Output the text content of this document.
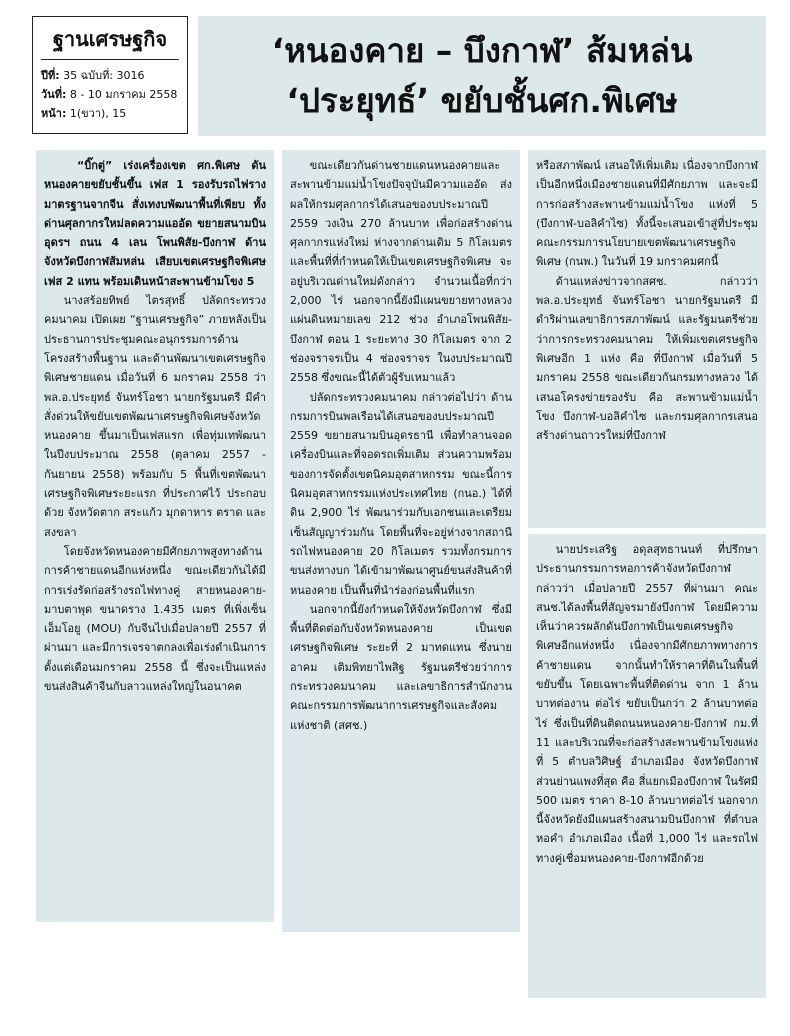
ฐานเศรษฐกิจ
ปีที่: 35 ฉบับที่: 3016
วันที่: 8 - 10 มกราคม 2558
หน้า: 1(ขวา), 15
‘หนองคาย – บึงกาฬ’ ส้มหล่น
‘ประยุทธ์’ ขยับชั้นศก.พิเศษ

“บิ๊กตู่” เร่งเครื่องเขต ศก.พิเศษ ดันหนองคายขยับชั้นขึ้น เฟส 1 รองรับรถไฟรางมาตรฐานจากจีน สั่งเทงบพัฒนาพื้นที่เพียบ ทั้งด่านศุลกากรใหม่ลดความแออัด ขยายสนามบินอุดรฯ ถนน 4 เลน โพนพิสัย-บึงกาฬ ด้านจังหวัดบึงกาฬส้มหล่น เสียบเขตเศรษฐกิจพิเศษเฟส 2 แทน พร้อมเดินหน้าสะพานข้ามโขง 5

นางสร้อยทิพย์ ไตรสุทธิ์ ปลัดกระทรวงคมนาคม เปิดเผย “ฐานเศรษฐกิจ” ภายหลังเป็นประธานการประชุมคณะอนุกรรมการด้านโครงสร้างพื้นฐาน และด้านพัฒนาเขตเศรษฐกิจพิเศษชายแดน เมื่อวันที่ 6 มกราคม 2558 ว่า พล.อ.ประยุทธ์ จันทร์โอชา นายกรัฐมนตรี มีคำสั่งด่วนให้ขยับเขตพัฒนาเศรษฐกิจพิเศษจังหวัดหนองคาย ขึ้นมาเป็นเฟสแรก เพื่อทุ่มเทพัฒนาในปีงบประมาณ 2558 (ตุลาคม 2557 - กันยายน 2558) พร้อมกับ 5 พื้นที่เขตพัฒนาเศรษฐกิจพิเศษระยะแรก ที่ประกาศไว้ ประกอบด้วย จังหวัดตาก สระแก้ว มุกดาหาร ตราด และสงขลา

โดยจังหวัดหนองคายมีศักยภาพสูงทางด้านการค้าชายแดนอีกแห่งหนึ่ง ขณะเดียวกันได้มีการเร่งรัดก่อสร้างรถไฟทางคู่ สายหนองคาย-มาบตาพุด ขนาดราง 1.435 เมตร ที่เพิ่งเซ็นเอ็มโอยู (MOU) กับจีนไปเมื่อปลายปี 2557 ที่ผ่านมา และมีการเจรจาตกลงเพื่อเร่งดำเนินการตั้งแต่เดือนมกราคม 2558 นี้ ซึ่งจะเป็นแหล่งขนส่งสินค้าจีนกับลาวแหล่งใหญ่ในอนาคต

ขณะเดียวกันด่านชายแดนหนองคายและสะพานข้ามแม่น้ำโขงปัจจุบันมีความแออัด ส่งผลให้กรมศุลกากรได้เสนอของบประมาณปี 2559 วงเงิน 270 ล้านบาท เพื่อก่อสร้างด่านศุลกากรแห่งใหม่ ห่างจากด่านเดิม 5 กิโลเมตร และพื้นที่ที่กำหนดให้เป็นเขตเศรษฐกิจพิเศษ จะอยู่บริเวณด่านใหม่ดังกล่าว จำนวนเนื้อที่กว่า 2,000 ไร่ นอกจากนี้ยังมีแผนขยายทางหลวงแผ่นดินหมายเลข 212 ช่วง อำเภอโพนพิสัย-บึงกาฬ ตอน 1 ระยะทาง 30 กิโลเมตร จาก 2 ช่องจราจรเป็น 4 ช่องจราจร ในงบประมาณปี 2558 ซึ่งขณะนี้ได้ตัวผู้รับเหมาแล้ว

ปลัดกระทรวงคมนาคม กล่าวต่อไปว่า ด้านกรมการบินพลเรือนได้เสนอของบประมาณปี 2559 ขยายสนามบินอุดรธานี เพื่อทำลานจอดเครื่องบินและที่จอดรถเพิ่มเติม ส่วนความพร้อมของการจัดตั้งเขตนิคมอุตสาหกรรม ขณะนี้การนิคมอุตสาหกรรมแห่งประเทศไทย (กนอ.) ได้ที่ดิน 2,900 ไร่ พัฒนาร่วมกับเอกชนและเตรียมเซ็นสัญญาร่วมกัน โดยพื้นที่จะอยู่ห่างจากสถานีรถไฟหนองคาย 20 กิโลเมตร รวมทั้งกรมการขนส่งทางบก ได้เข้ามาพัฒนาศูนย์ขนส่งสินค้าที่หนองคาย เป็นพื้นที่นำร่องก่อนพื้นที่แรก

นอกจากนี้ยังกำหนดให้จังหวัดบึงกาฬ ซึ่งมีพื้นที่ติดต่อกับจังหวัดหนองคาย เป็นเขตเศรษฐกิจพิเศษ ระยะที่ 2 มาทดแทน ซึ่งนายอาคม เติมพิทยาไพสิฐ รัฐมนตรีช่วยว่าการกระทรวงคมนาคม และเลขาธิการสำนักงานคณะกรรมการพัฒนาการเศรษฐกิจและสังคมแห่งชาติ (สศช.)

หรือสภาพัฒน์ เสนอให้เพิ่มเติม เนื่องจากบึงกาฬเป็นอีกหนึ่งเมืองชายแดนที่มีศักยภาพ และจะมีการก่อสร้างสะพานข้ามแม่น้ำโขง แห่งที่ 5 (บึงกาฬ-บอลิคำไซ) ทั้งนี้จะเสนอเข้าสู่ที่ประชุมคณะกรรมการนโยบายเขตพัฒนาเศรษฐกิจพิเศษ (กนพ.) ในวันที่ 19 มกราคมศกนี้

ด้านแหล่งข่าวจากสศช. กล่าวว่า พล.อ.ประยุทธ์ จันทร์โอชา นายกรัฐมนตรี มีดำริผ่านเลขาธิการสภาพัฒน์ และรัฐมนตรีช่วยว่าการกระทรวงคมนาคม ให้เพิ่มเขตเศรษฐกิจพิเศษอีก 1 แห่ง คือ ที่บึงกาฬ เมื่อวันที่ 5 มกราคม 2558 ขณะเดียวกันกรมทางหลวง ได้เสนอโครงข่ายรองรับ คือ สะพานข้ามแม่น้ำโขง บึงกาฬ-บอลิคำไซ และกรมศุลกากรเสนอสร้างด่านถาวรใหม่ที่บึงกาฬ

นายประเสริฐ อดุลสุทธานนท์ ที่ปรึกษาประธานกรรมการหอการค้าจังหวัดบึงกาฬ กล่าวว่า เมื่อปลายปี 2557 ที่ผ่านมา คณะ สนช.ได้ลงพื้นที่สัญจรมายังบึงกาฬ โดยมีความเห็นว่าควรผลักดันบึงกาฬเป็นเขตเศรษฐกิจพิเศษอีกแห่งหนึ่ง เนื่องจากมีศักยภาพทางการค้าชายแดน จากนั้นทำให้ราคาที่ดินในพื้นที่ขยับขึ้น โดยเฉพาะพื้นที่ติดด่าน จาก 1 ล้านบาทต่องาน ต่อไร่ ขยับเป็นกว่า 2 ล้านบาทต่อไร่ ซึ่งเป็นที่ดินติดถนนหนองคาย-บึงกาฬ กม.ที่ 11 และบริเวณที่จะก่อสร้างสะพานข้ามโขงแห่งที่ 5 ตำบลวิศิษฐ์ อำเภอเมือง จังหวัดบึงกาฬ ส่วนย่านแพงที่สุด คือ สี่แยกเมืองบึงกาฬ ในรัศมี 500 เมตร ราคา 8-10 ล้านบาทต่อไร่ นอกจากนี้จังหวัดยังมีแผนสร้างสนามบินบึงกาฬ ที่ตำบลหอคำ อำเภอเมือง เนื้อที่ 1,000 ไร่ และรถไฟทางคู่เชื่อมหนองคาย-บึงกาฬอีกด้วย
